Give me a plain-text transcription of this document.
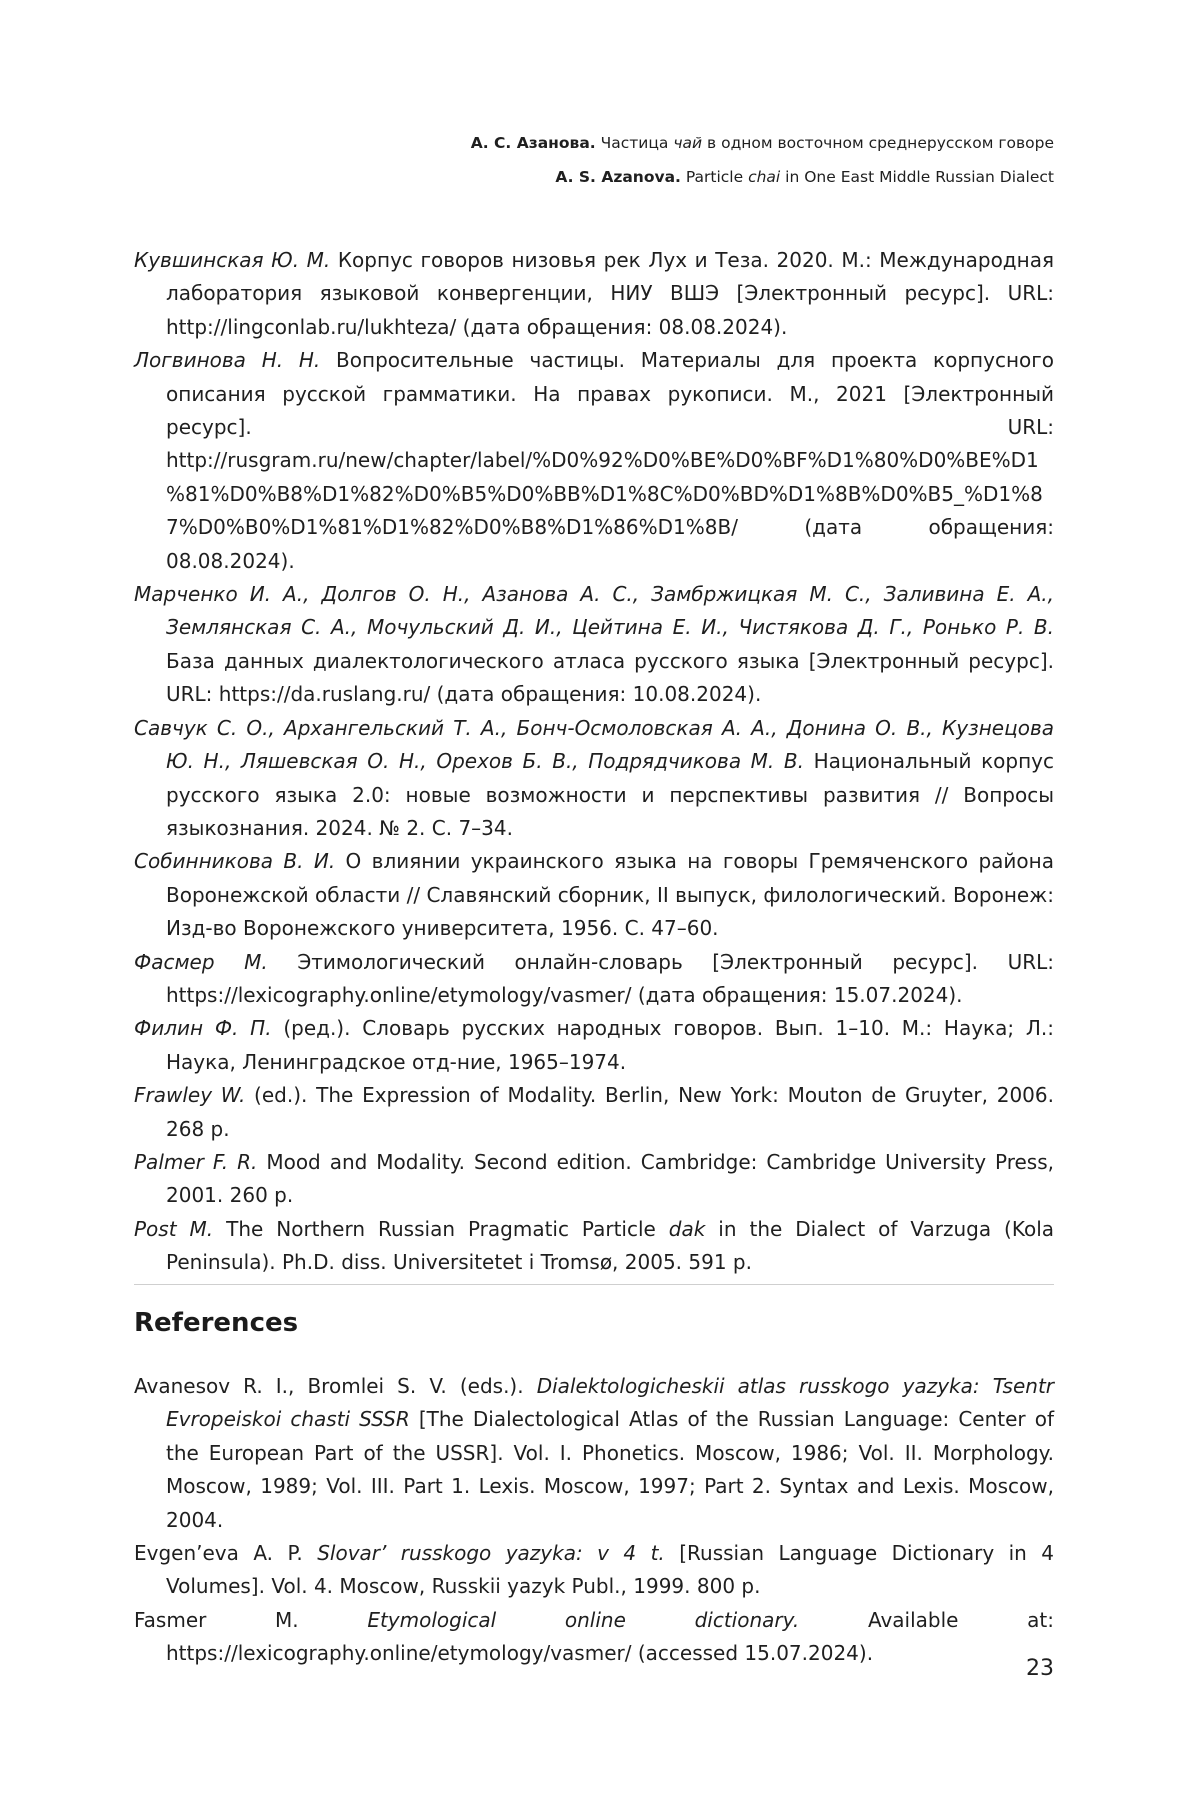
А. С. Азанова. Частица чай в одном восточном среднерусском говоре
A. S. Azanova. Particle chai in One East Middle Russian Dialect

Кувшинская Ю. М. Корпус говоров низовья рек Лух и Теза. 2020. М.: Международная лаборатория языковой конвергенции, НИУ ВШЭ [Электронный ресурс]. URL: http://lingconlab.ru/lukhteza/ (дата обращения: 08.08.2024).

Логвинова Н. Н. Вопросительные частицы. Материалы для проекта корпусного описания русской грамматики. На правах рукописи. М., 2021 [Электронный ресурс]. URL: http://rusgram.ru/new/chapter/label/%D0%92%D0%BE%D0%BF%D1%80%D0%BE%D1%81%D0%B8%D1%82%D0%B5%D0%BB%D1%8C%D0%BD%D1%8B%D0%B5_%D1%87%D0%B0%D1%81%D1%82%D0%B8%D1%86%D1%8B/ (дата обращения: 08.08.2024).

Марченко И. А., Долгов О. Н., Азанова А. С., Замбржицкая М. С., Заливина Е. А., Землянская С. А., Мочульский Д. И., Цейтина Е. И., Чистякова Д. Г., Ронько Р. В. База данных диалектологического атласа русского языка [Электронный ресурс]. URL: https://da.ruslang.ru/ (дата обращения: 10.08.2024).

Савчук С. О., Архангельский Т. А., Бонч-Осмоловская А. А., Донина О. В., Кузнецова Ю. Н., Ляшевская О. Н., Орехов Б. В., Подрядчикова М. В. Национальный корпус русского языка 2.0: новые возможности и перспективы развития // Вопросы языкознания. 2024. № 2. С. 7–34.

Собинникова В. И. О влиянии украинского языка на говоры Гремяченского района Воронежской области // Славянский сборник, II выпуск, филологический. Воронеж: Изд-во Воронежского университета, 1956. С. 47–60.

Фасмер М. Этимологический онлайн-словарь [Электронный ресурс]. URL: https://lexicography.online/etymology/vasmer/ (дата обращения: 15.07.2024).

Филин Ф. П. (ред.). Словарь русских народных говоров. Вып. 1–10. М.: Наука; Л.: Наука, Ленинградское отд-ние, 1965–1974.

Frawley W. (ed.). The Expression of Modality. Berlin, New York: Mouton de Gruyter, 2006. 268 p.

Palmer F. R. Mood and Modality. Second edition. Cambridge: Cambridge University Press, 2001. 260 p.

Post M. The Northern Russian Pragmatic Particle dak in the Dialect of Varzuga (Kola Peninsula). Ph.D. diss. Universitetet i Tromsø, 2005. 591 p.

References

Avanesov R. I., Bromlei S. V. (eds.). Dialektologicheskii atlas russkogo yazyka: Tsentr Evropeiskoi chasti SSSR [The Dialectological Atlas of the Russian Language: Center of the European Part of the USSR]. Vol. I. Phonetics. Moscow, 1986; Vol. II. Morphology. Moscow, 1989; Vol. III. Part 1. Lexis. Moscow, 1997; Part 2. Syntax and Lexis. Moscow, 2004.

Evgen’eva A. P. Slovar’ russkogo yazyka: v 4 t. [Russian Language Dictionary in 4 Volumes]. Vol. 4. Moscow, Russkii yazyk Publ., 1999. 800 p.

Fasmer M. Etymological online dictionary. Available at: https://lexicography.online/etymology/vasmer/ (accessed 15.07.2024).

23
